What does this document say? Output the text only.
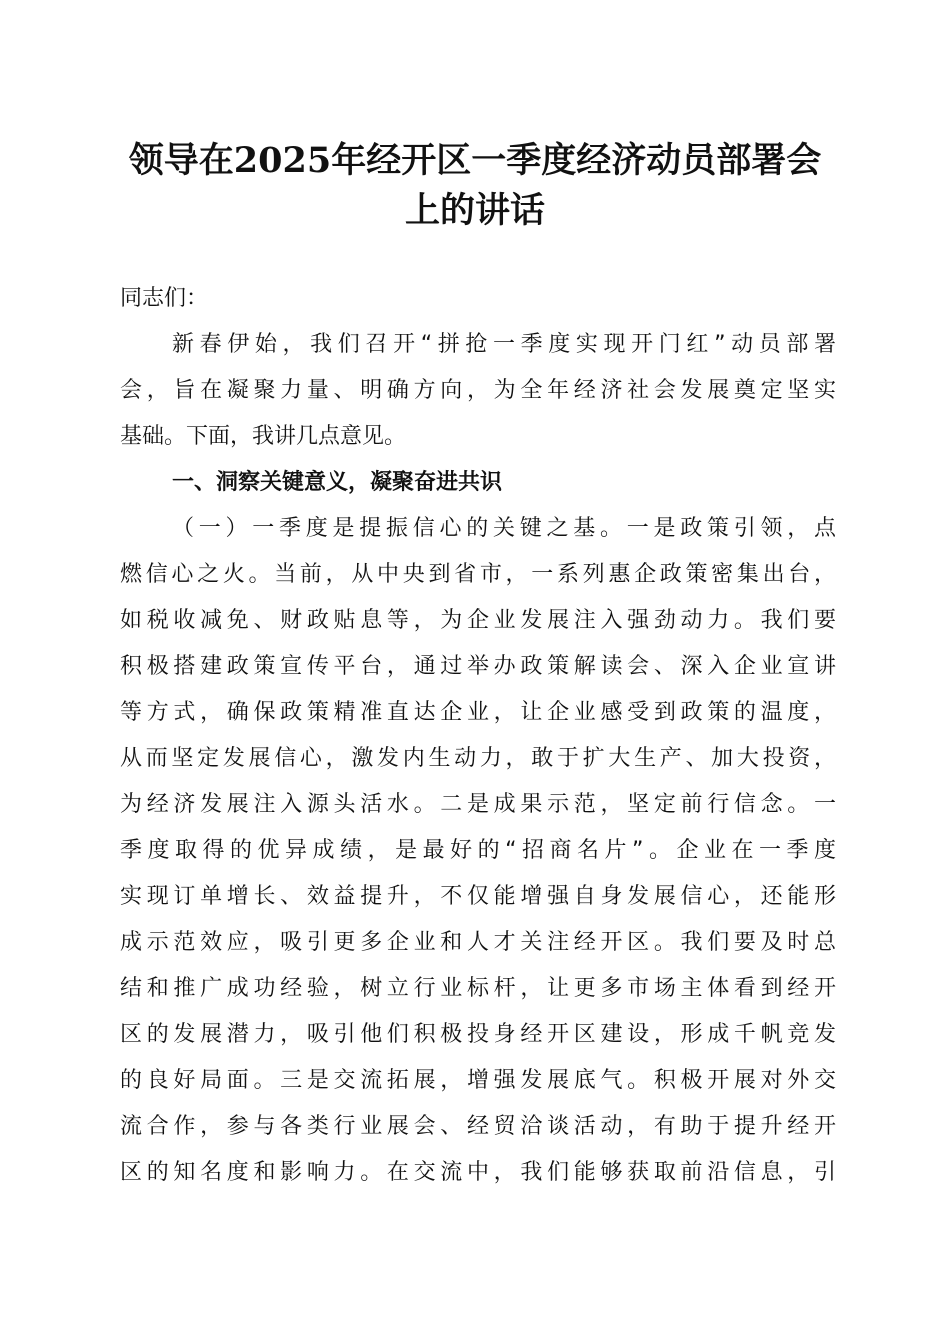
领导在2025年经开区一季度经济动员部署会
上的讲话
同志们：
新春伊始，我们召开“拼抢一季度实现开门红”动员部署
会，旨在凝聚力量、明确方向，为全年经济社会发展奠定坚实
基础。下面，我讲几点意见。
一、洞察关键意义，凝聚奋进共识
（一）一季度是提振信心的关键之基。一是政策引领，点
燃信心之火。当前，从中央到省市，一系列惠企政策密集出台，
如税收减免、财政贴息等，为企业发展注入强劲动力。我们要
积极搭建政策宣传平台，通过举办政策解读会、深入企业宣讲
等方式，确保政策精准直达企业，让企业感受到政策的温度，
从而坚定发展信心，激发内生动力，敢于扩大生产、加大投资，
为经济发展注入源头活水。二是成果示范，坚定前行信念。一
季度取得的优异成绩，是最好的“招商名片”。企业在一季度
实现订单增长、效益提升，不仅能增强自身发展信心，还能形
成示范效应，吸引更多企业和人才关注经开区。我们要及时总
结和推广成功经验，树立行业标杆，让更多市场主体看到经开
区的发展潜力，吸引他们积极投身经开区建设，形成千帆竞发
的良好局面。三是交流拓展，增强发展底气。积极开展对外交
流合作，参与各类行业展会、经贸洽谈活动，有助于提升经开
区的知名度和影响力。在交流中，我们能够获取前沿信息，引
